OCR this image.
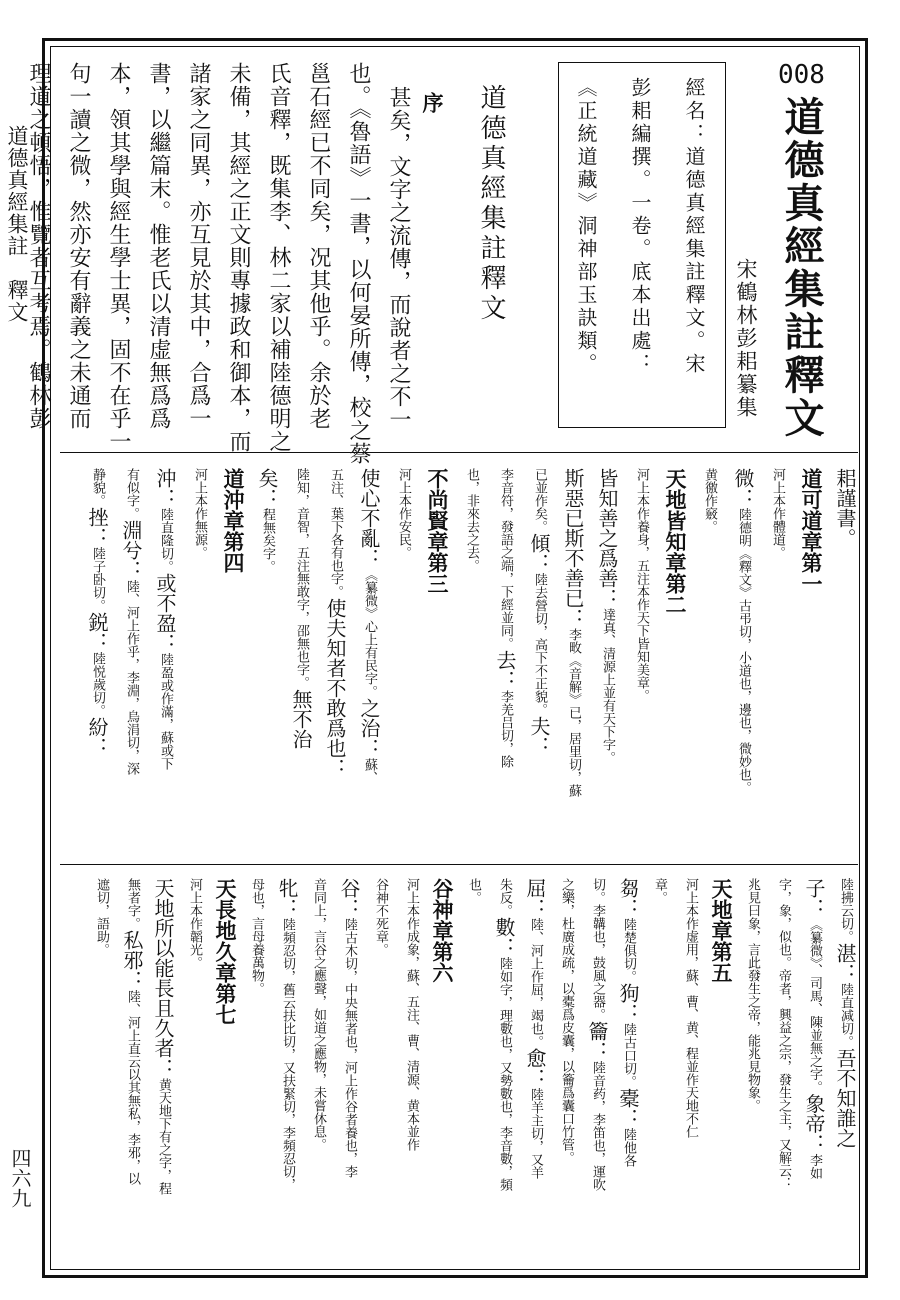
道德真經集註　釋文
四六九
008
道德真經集註釋文
宋鶴林彭耜纂集
經名：道德真經集註釋文。宋
彭耜編撰。一卷。底本出處：
《正統道藏》洞神部玉訣類。
道德真經集註釋文
序
甚矣，文字之流傳，而說者之不一
也。《魯語》一書，以何晏所傳，校之蔡
邕石經已不同矣，况其他乎。余於老
氏音釋，既集李、林二家以補陸德明之
未備，其經之正文則專據政和御本，而
諸家之同異，亦互見於其中，合爲一
書，以繼篇末。惟老氏以清虚無爲爲
本，領其學與經生學士異，固不在乎一
句一讀之微，然亦安有辭義之未通而
理道之頓悟，惟覽者互考焉。鶴林彭
耜謹書。
道可道章第一
河上本作體道。
微：陸德明《釋文》古弔切，小道也，邊也，微妙也。
黄徼作竅。
天地皆知章第二
河上本作養身，五注本作天下皆知美章。
皆知善之爲善：達真、清源上並有天下字。
斯惡已斯不善已：李畋《音解》已，居里切，蘇
已並作矣。傾：陸去營切，高下不正貌。夫：
李音符，發語之端，下經並同。去：李羌吕切，除
也，非來去之去。
不尚賢章第三
河上本作安民。
使心不亂：《纂微》心上有民字。之治：蘇、
五注、葉下各有也字。使夫知者不敢爲也：
陸知，音智，五注無敢字，邵無也字。無不治
矣：程無矣字。
道沖章第四
河上本作無源。
沖：陸直隆切。或不盈：陸盈或作滿，蘇或下
有似字。淵兮：陸、河上作乎，李淵，烏涓切，深
静貌。挫：陸子卧切。鋭：陸悦歲切。紛：
陸拂云切。湛：陸直减切。吾不知誰之
子：《纂微》、司馬、陳並無之字。象帝：李如
字，象，似也。帝者，興益之宗，發生之主，又解云：
兆見曰象，言此發生之帝，能兆見物象。
天地章第五
河上本作虚用，蘇、曹、黄、程並作天地不仁
章。
芻：陸楚俱切。狗：陸古口切。橐：陸他各
切。李韝也，鼓風之器。籥：陸音药，李笛也，運吹
之樂，杜廣成疏，以橐爲皮囊，以籥爲囊口竹管。
屈：陸、河上作屈，竭也。愈：陸羊主切，又羊
朱反。數：陸如字，理數也，又勢數也，李音數，頻
也。
谷神章第六
河上本作成象，蘇、五注、曹、清源、黄本並作
谷神不死章。
谷：陸古木切，中央無者也，河上作谷者養也，李
音同上，言谷之應聲，如道之應物，未嘗休息。
牝：陸頻忍切，舊云扶比切，又扶緊切，李頻忍切，
母也，言母養萬物。
天長地久章第七
河上本作韜光。
天地所以能長且久者：黄天地下有之字，程
無者字。私邪：陸、河上直云以其無私，李邪，以
遮切，語助。
